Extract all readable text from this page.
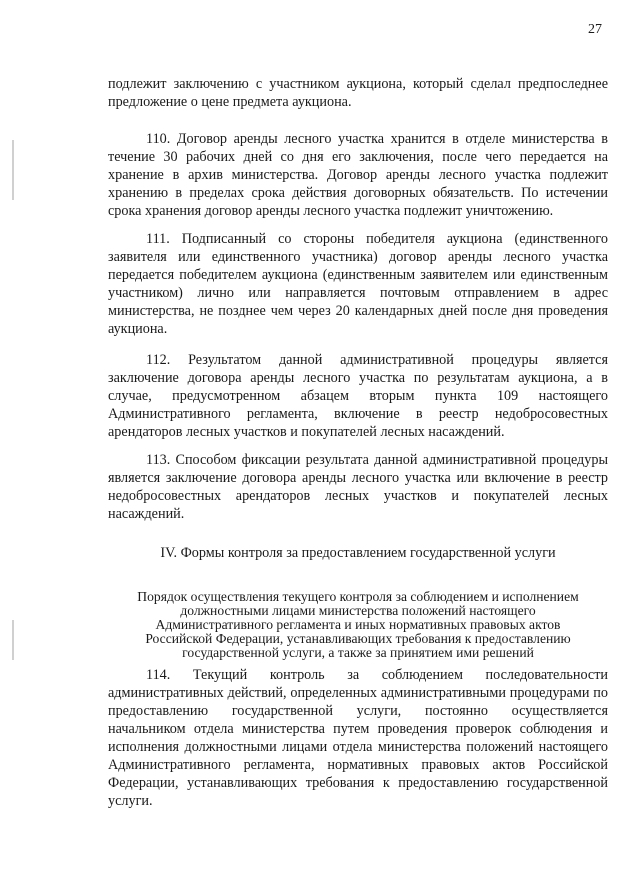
27

подлежит заключению с участником аукциона, который сделал предпоследнее предложение о цене предмета аукциона.

110. Договор аренды лесного участка хранится в отделе министерства в течение 30 рабочих дней со дня его заключения, после чего передается на хранение в архив министерства. Договор аренды лесного участка подлежит хранению в пределах срока действия договорных обязательств. По истечении срока хранения договор аренды лесного участка подлежит уничтожению.

111. Подписанный со стороны победителя аукциона (единственного заявителя или единственного участника) договор аренды лесного участка передается победителем аукциона (единственным заявителем или единственным участником) лично или направляется почтовым отправлением в адрес министерства, не позднее чем через 20 календарных дней после дня проведения аукциона.

112. Результатом данной административной процедуры является заключение договора аренды лесного участка по результатам аукциона, а в случае, предусмотренном абзацем вторым пункта 109 настоящего Административного регламента, включение в реестр недобросовестных арендаторов лесных участков и покупателей лесных насаждений.

113. Способом фиксации результата данной административной процедуры является заключение договора аренды лесного участка или включение в реестр недобросовестных арендаторов лесных участков и покупателей лесных насаждений.

IV. Формы контроля за предоставлением государственной услуги

Порядок осуществления текущего контроля за соблюдением и исполнением
должностными лицами министерства положений настоящего
Административного регламента и иных нормативных правовых актов
Российской Федерации, устанавливающих требования к предоставлению
государственной услуги, а также за принятием ими решений

114. Текущий контроль за соблюдением последовательности административных действий, определенных административными процедурами по предоставлению государственной услуги, постоянно осуществляется начальником отдела министерства путем проведения проверок соблюдения и исполнения должностными лицами отдела министерства положений настоящего Административного регламента, нормативных правовых актов Российской Федерации, устанавливающих требования к предоставлению государственной услуги.
